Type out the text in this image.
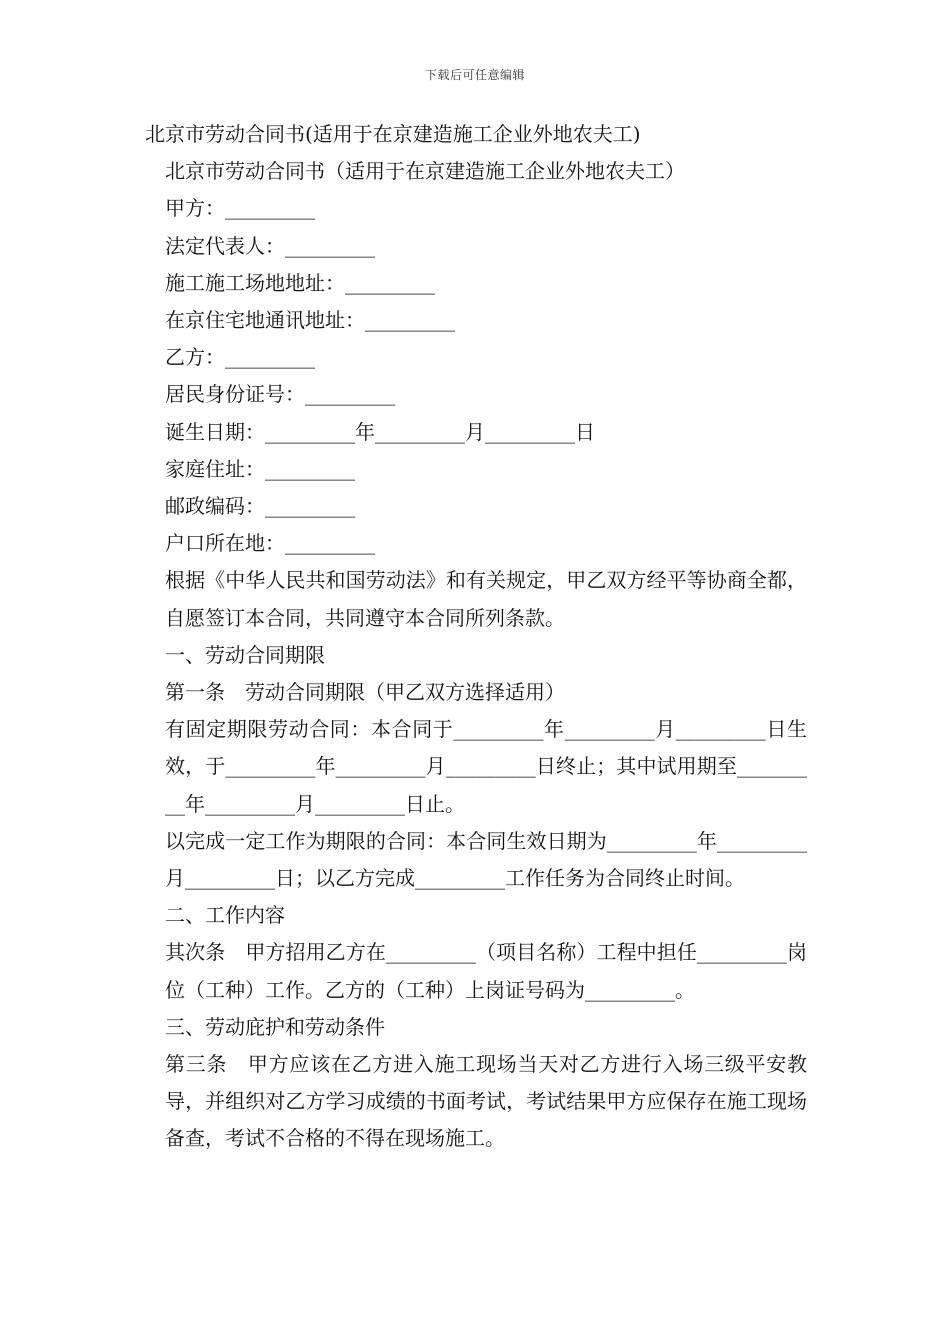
下载后可任意编辑

北京市劳动合同书(适用于在京建造施工企业外地农夫工)

北京市劳动合同书（适用于在京建造施工企业外地农夫工）

甲方：_________

法定代表人：_________

施工施工场地地址：_________

在京住宅地通讯地址：_________

乙方：_________

居民身份证号：_________

诞生日期：_________年_________月_________日

家庭住址：_________

邮政编码：_________

户口所在地：_________

根据《中华人民共和国劳动法》和有关规定，甲乙双方经平等协商全都，自愿签订本合同，共同遵守本合同所列条款。

一、劳动合同期限

第一条　劳动合同期限（甲乙双方选择适用）

有固定期限劳动合同：本合同于_________年_________月_________日生效，于_________年_________月_________日终止；其中试用期至_________年_________月_________日止。

以完成一定工作为期限的合同：本合同生效日期为_________年_________月_________日；以乙方完成_________工作任务为合同终止时间。

二、工作内容

其次条　甲方招用乙方在_________（项目名称）工程中担任_________岗位（工种）工作。乙方的（工种）上岗证号码为_________。

三、劳动庇护和劳动条件

第三条　甲方应该在乙方进入施工现场当天对乙方进行入场三级平安教导，并组织对乙方学习成绩的书面考试，考试结果甲方应保存在施工现场备查，考试不合格的不得在现场施工。
